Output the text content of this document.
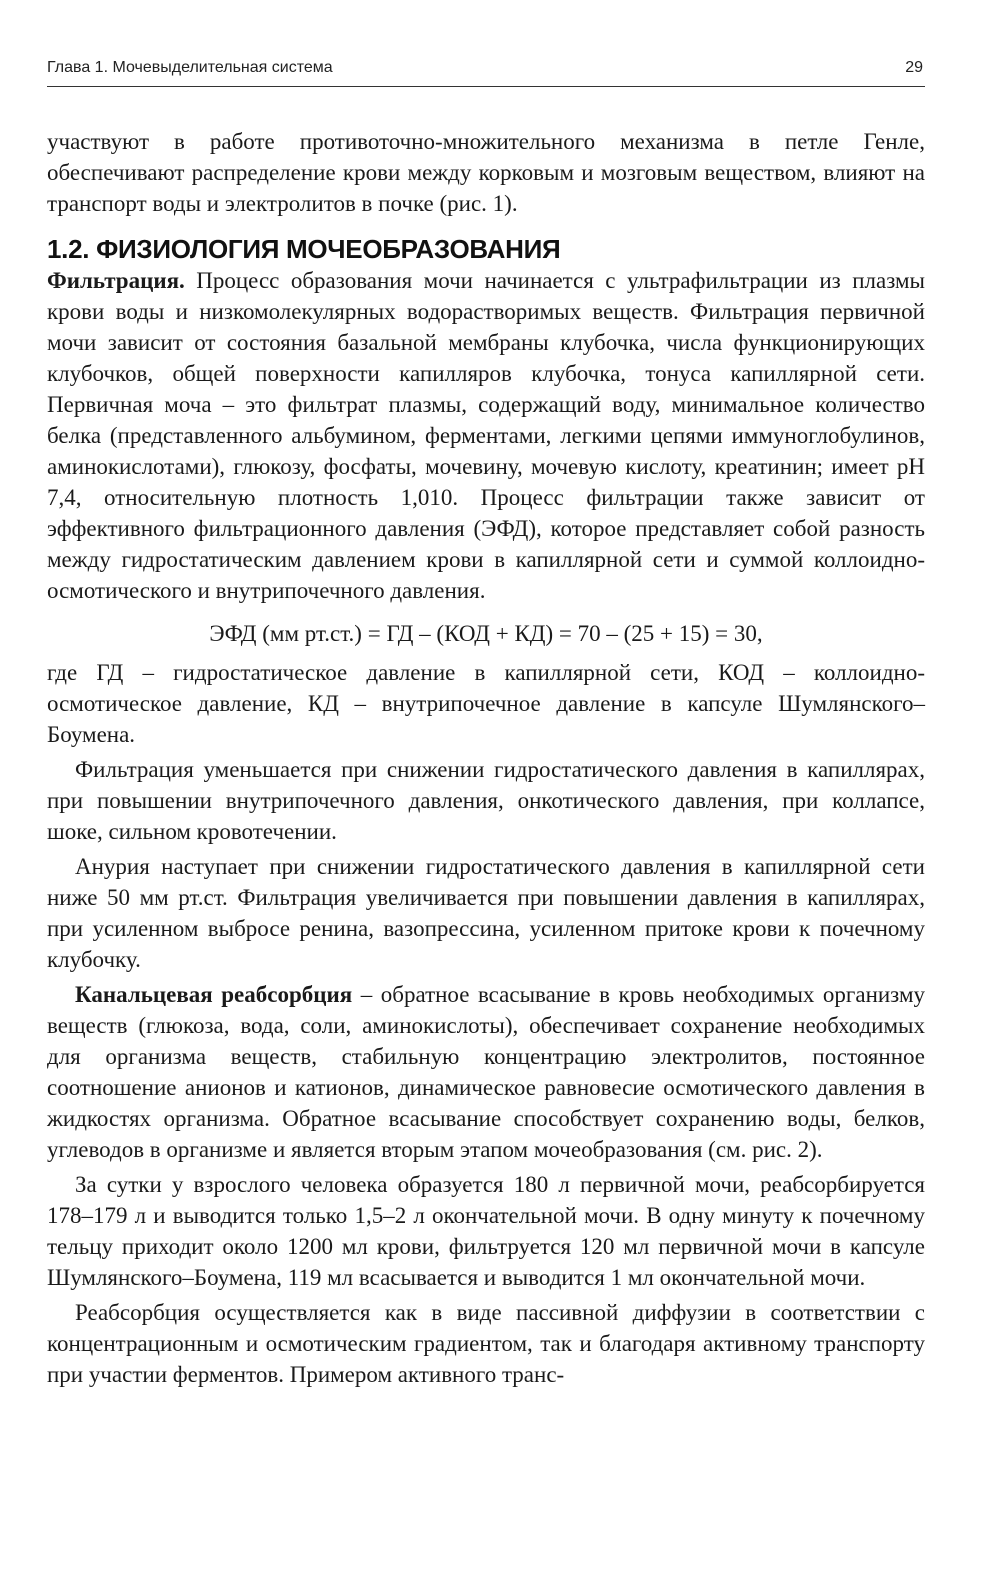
Глава 1. Мочевыделительная система	29

участвуют в работе противоточно-множительного механизма в петле Генле, обеспечивают распределение крови между корковым и мозговым веществом, влияют на транспорт воды и электролитов в почке (рис. 1).

1.2. ФИЗИОЛОГИЯ МОЧЕОБРАЗОВАНИЯ

Фильтрация. Процесс образования мочи начинается с ультрафильтрации из плазмы крови воды и низкомолекулярных водорастворимых веществ. Фильтрация первичной мочи зависит от состояния базальной мембраны клубочка, числа функционирующих клубочков, общей поверхности капилляров клубочка, тонуса капиллярной сети. Первичная моча – это фильтрат плазмы, содержащий воду, минимальное количество белка (представленного альбумином, ферментами, легкими цепями иммуноглобулинов, аминокислотами), глюкозу, фосфаты, мочевину, мочевую кислоту, креатинин; имеет рН 7,4, относительную плотность 1,010. Процесс фильтрации также зависит от эффективного фильтрационного давления (ЭФД), которое представляет собой разность между гидростатическим давлением крови в капиллярной сети и суммой коллоидно-осмотического и внутрипочечного давления.

ЭФД (мм рт.ст.) = ГД – (КОД + КД) = 70 – (25 + 15) = 30,

где ГД – гидростатическое давление в капиллярной сети, КОД – коллоидно-осмотическое давление, КД – внутрипочечное давление в капсуле Шумлянского–Боумена.

Фильтрация уменьшается при снижении гидростатического давления в капиллярах, при повышении внутрипочечного давления, онкотического давления, при коллапсе, шоке, сильном кровотечении.

Анурия наступает при снижении гидростатического давления в капиллярной сети ниже 50 мм рт.ст. Фильтрация увеличивается при повышении давления в капиллярах, при усиленном выбросе ренина, вазопрессина, усиленном притоке крови к почечному клубочку.

Канальцевая реабсорбция – обратное всасывание в кровь необходимых организму веществ (глюкоза, вода, соли, аминокислоты), обеспечивает сохранение необходимых для организма веществ, стабильную концентрацию электролитов, постоянное соотношение анионов и катионов, динамическое равновесие осмотического давления в жидкостях организма. Обратное всасывание способствует сохранению воды, белков, углеводов в организме и является вторым этапом мочеобразования (см. рис. 2).

За сутки у взрослого человека образуется 180 л первичной мочи, реабсорбируется 178–179 л и выводится только 1,5–2 л окончательной мочи. В одну минуту к почечному тельцу приходит около 1200 мл крови, фильтруется 120 мл первичной мочи в капсуле Шумлянского–Боумена, 119 мл всасывается и выводится 1 мл окончательной мочи.

Реабсорбция осуществляется как в виде пассивной диффузии в соответствии с концентрационным и осмотическим градиентом, так и благодаря активному транспорту при участии ферментов. Примером активного транс-
